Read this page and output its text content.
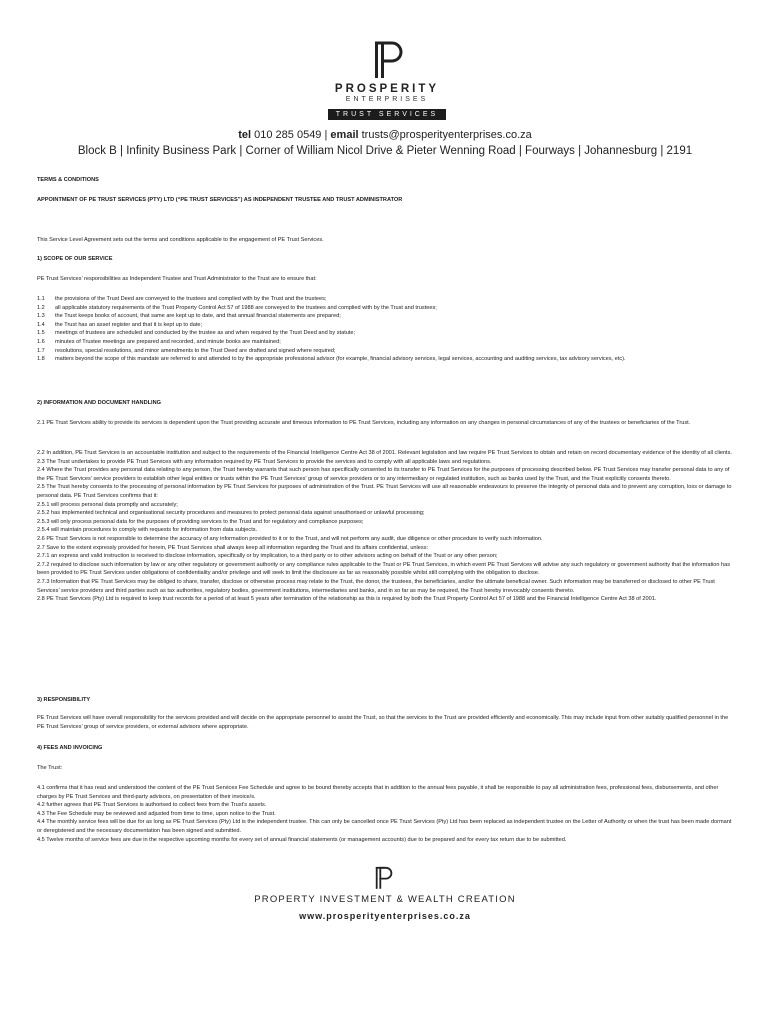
PROSPERITY
ENTERPRISES
TRUST SERVICES
tel 010 285 0549 | email trusts@prosperityenterprises.co.za
Block B | Infinity Business Park | Corner of William Nicol Drive & Pieter Wenning Road | Fourways | Johannesburg | 2191
TERMS & CONDITIONS
APPOINTMENT OF PE TRUST SERVICES (PTY) LTD (“PE TRUST SERVICES”) AS INDEPENDENT TRUSTEE AND TRUST ADMINISTRATOR
This Service Level Agreement sets out the terms and conditions applicable to the engagement of PE Trust Services.
1) SCOPE OF OUR SERVICE
PE Trust Services’ responsibilities as Independent Trustee and Trust Administrator to the Trust are to ensure that:
1.1 the provisions of the Trust Deed are conveyed to the trustees and complied with by the Trust and the trustees;
1.2 all applicable statutory requirements of the Trust Property Control Act 57 of 1988 are conveyed to the trustees and complied with by the Trust and trustees;
1.3 the Trust keeps books of account, that same are kept up to date, and that annual financial statements are prepared;
1.4 the Trust has an asset register and that it is kept up to date;
1.5 meetings of trustees are scheduled and conducted by the trustee as and when required by the Trust Deed and by statute;
1.6 minutes of Trustee meetings are prepared and recorded, and minute books are maintained;
1.7 resolutions, special resolutions, and minor amendments to the Trust Deed are drafted and signed where required;
1.8 matters beyond the scope of this mandate are referred to and attended to by the appropriate professional advisor (for example, financial advisory services, legal services, accounting and auditing services, tax advisory services, etc).
2) INFORMATION AND DOCUMENT HANDLING
2.1 PE Trust Services ability to provide its services is dependent upon the Trust providing accurate and timeous information to PE Trust Services, including any information on any changes in personal circumstances of any of the trustees or beneficiaries of the Trust.
2.2 In addition, PE Trust Services is an accountable institution and subject to the requirements of the Financial Intelligence Centre Act 38 of 2001. Relevant legislation and law require PE Trust Services to obtain and retain on record documentary evidence of the identity of all clients.
2.3 The Trust undertakes to provide PE Trust Services with any information required by PE Trust Services to provide the services and to comply with all applicable laws and regulations.
2.4 Where the Trust provides any personal data relating to any person, the Trust hereby warrants that such person has specifically consented to its transfer to PE Trust Services for the purposes of processing described below. PE Trust Services may transfer personal data to any of the PE Trust Services’ service providers to establish other legal entities or trusts within the PE Trust Services’ group of service providers or to any intermediary or regulated institution, such as banks used by the Trust, and the Trust explicitly consents thereto.
2.5 The Trust hereby consents to the processing of personal information by PE Trust Services for purposes of administration of the Trust. PE Trust Services will use all reasonable endeavours to preserve the integrity of personal data and to prevent any corruption, loss or damage to personal data. PE Trust Services confirms that it:
2.5.1 will process personal data promptly and accurately;
2.5.2 has implemented technical and organisational security procedures and measures to protect personal data against unauthorised or unlawful processing;
2.5.3 will only process personal data for the purposes of providing services to the Trust and for regulatory and compliance purposes;
2.5.4 will maintain procedures to comply with requests for information from data subjects.
2.6 PE Trust Services is not responsible to determine the accuracy of any information provided to it or to the Trust, and will not perform any audit, due diligence or other procedure to verify such information.
2.7 Save to the extent expressly provided for herein, PE Trust Services shall always keep all information regarding the Trust and its affairs confidential, unless:
2.7.1 an express and valid instruction is received to disclose information, specifically or by implication, to a third party or to other advisors acting on behalf of the Trust or any other person;
2.7.2 required to disclose such information by law or any other regulatory or government authority or any compliance rules applicable to the Trust or PE Trust Services, in which event PE Trust Services will advise any such regulatory or government authority that the information has been provided to PE Trust Services under obligations of confidentiality and/or privilege and will seek to limit the disclosure as far as reasonably possible whilst still complying with the obligation to disclose.
2.7.3 Information that PE Trust Services may be obliged to share, transfer, disclose or otherwise process may relate to the Trust, the donor, the trustees, the beneficiaries, and/or the ultimate beneficial owner. Such information may be transferred or disclosed to other PE Trust Services’ service providers and third parties such as tax authorities, regulatory bodies, government institutions, intermediaries and banks, and in so far as may be required, the Trust hereby irrevocably consents thereto.
2.8 PE Trust Services (Pty) Ltd is required to keep trust records for a period of at least 5 years after termination of the relationship as this is required by both the Trust Property Control Act 57 of 1988 and the Financial Intelligence Centre Act 38 of 2001.
3) RESPONSIBILITY
PE Trust Services will have overall responsibility for the services provided and will decide on the appropriate personnel to assist the Trust, so that the services to the Trust are provided efficiently and economically. This may include input from other suitably qualified personnel in the PE Trust Services’ group of service providers, or external advisors where appropriate.
4) FEES AND INVOICING
The Trust:
4.1 confirms that it has read and understood the content of the PE Trust Services Fee Schedule and agree to be bound thereby accepts that in addition to the annual fees payable, it shall be responsible to pay all administration fees, professional fees, disbursements, and other charges by PE Trust Services and third-party advisors, on presentation of their invoice/s.
4.2 further agrees that PE Trust Services is authorised to collect fees from the Trust’s assets.
4.3 The Fee Schedule may be reviewed and adjusted from time to time, upon notice to the Trust.
4.4 The monthly service fees will be due for as long as PE Trust Services (Pty) Ltd is the independent trustee. This can only be cancelled once PE Trust Services (Pty) Ltd has been replaced as independent trustee on the Letter of Authority or when the trust has been made dormant or deregistered and the necessary documentation has been signed and submitted.
4.5 Twelve months of service fees are due in the respective upcoming months for every set of annual financial statements (or management accounts) due to be prepared and for every tax return due to be submitted.
PROPERTY INVESTMENT & WEALTH CREATION
www.prosperityenterprises.co.za
